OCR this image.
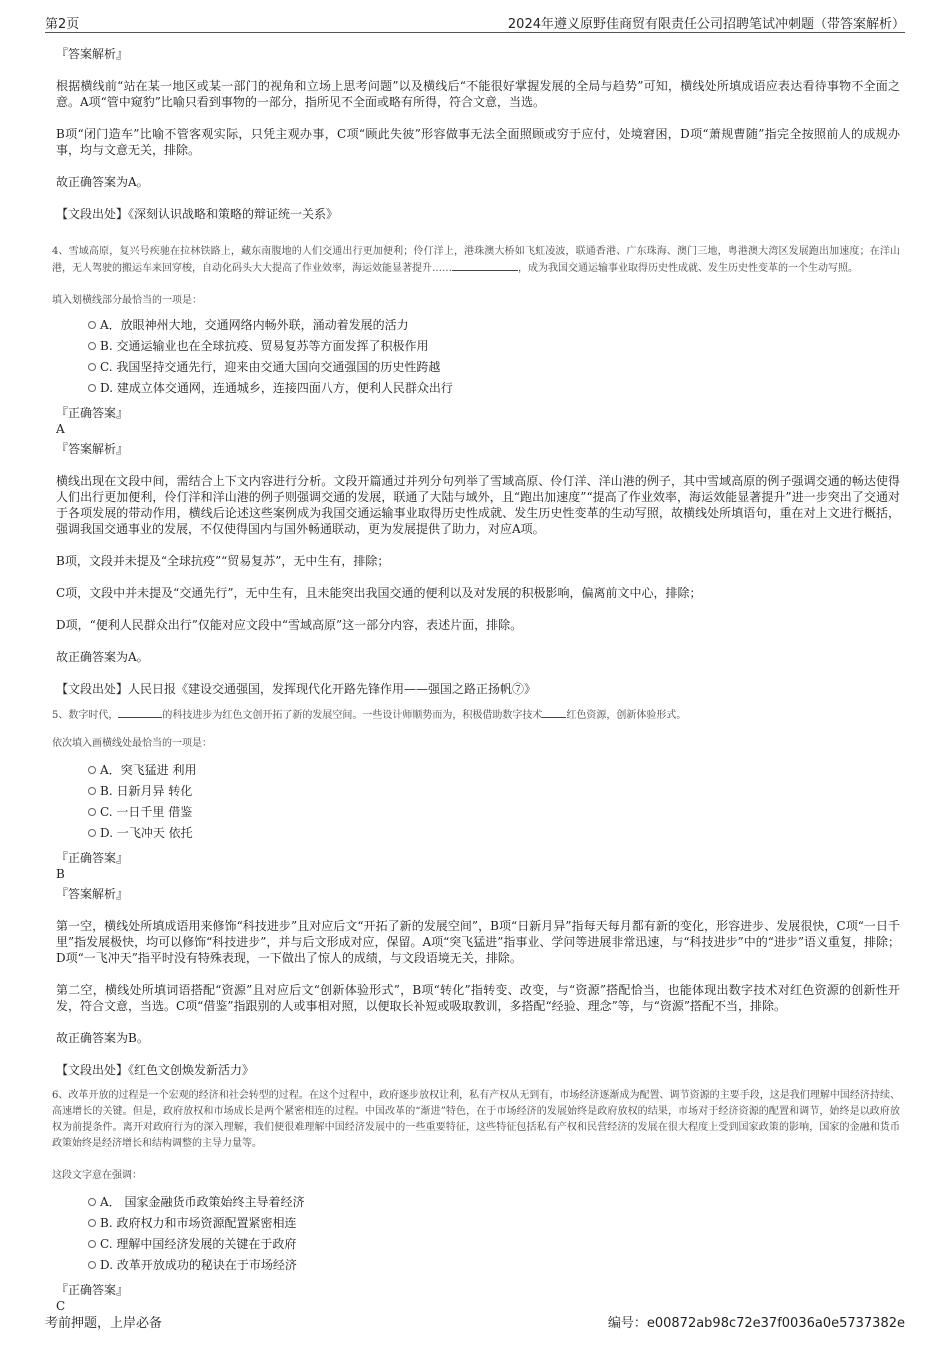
第2页	2024年遵义原野佳商贸有限责任公司招聘笔试冲刺题（带答案解析）
『答案解析』

根据横线前“站在某一地区或某一部门的视角和立场上思考问题”以及横线后“不能很好掌握发展的全局与趋势”可知，横线处所填成语应表达看待事物不全面之意。A项“管中窥豹”比喻只看到事物的一部分，指所见不全面或略有所得，符合文意，当选。

B项“闭门造车”比喻不管客观实际，只凭主观办事，C项“顾此失彼”形容做事无法全面照顾或穷于应付，处境窘困，D项“萧规曹随”指完全按照前人的成规办事，均与文意无关，排除。

故正确答案为A。

【文段出处】《深刻认识战略和策略的辩证统一关系》

4、雪域高原，复兴号疾驰在拉林铁路上，藏东南腹地的人们交通出行更加便利；伶仃洋上，港珠澳大桥如飞虹凌波，联通香港、广东珠海、澳门三地，粤港澳大湾区发展跑出加速度；在洋山港，无人驾驶的搬运车来回穿梭，自动化码头大大提高了作业效率，海运效能显著提升……	，成为我国交通运输事业取得历史性成就、发生历史性变革的一个生动写照。

填入划横线部分最恰当的一项是：

A．放眼神州大地，交通网络内畅外联，涌动着发展的活力
B. 交通运输业也在全球抗疫、贸易复苏等方面发挥了积极作用
C. 我国坚持交通先行，迎来由交通大国向交通强国的历史性跨越
D. 建成立体交通网，连通城乡，连接四面八方，便利人民群众出行
『正确答案』
A
『答案解析』

横线出现在文段中间，需结合上下文内容进行分析。文段开篇通过并列分句列举了雪域高原、伶仃洋、洋山港的例子，其中雪域高原的例子强调交通的畅达使得人们出行更加便利，伶仃洋和洋山港的例子则强调交通的发展，联通了大陆与域外，且“跑出加速度”“提高了作业效率，海运效能显著提升”进一步突出了交通对于各项发展的带动作用，横线后论述这些案例成为我国交通运输事业取得历史性成就、发生历史性变革的生动写照，故横线处所填语句，重在对上文进行概括，强调我国交通事业的发展，不仅使得国内与国外畅通联动，更为发展提供了助力，对应A项。

B项，文段并未提及“全球抗疫”“贸易复苏”，无中生有，排除；

C项，文段中并未提及“交通先行”，无中生有，且未能突出我国交通的便利以及对发展的积极影响，偏离前文中心，排除；

D项，“便利人民群众出行”仅能对应文段中“雪域高原”这一部分内容，表述片面，排除。

故正确答案为A。

【文段出处】人民日报《建设交通强国，发挥现代化开路先锋作用——强国之路正扬帆⑦》

5、数字时代，	的科技进步为红色文创开拓了新的发展空间。一些设计师顺势而为，积极借助数字技术 红色资源，创新体验形式。

依次填入画横线处最恰当的一项是：

A．突飞猛进 利用
B. 日新月异 转化
C. 一日千里 借鉴
D. 一飞冲天 依托
『正确答案』
B
『答案解析』

第一空，横线处所填成语用来修饰“科技进步”且对应后文“开拓了新的发展空间”，B项“日新月异”指每天每月都有新的变化，形容进步、发展很快，C项“一日千里”指发展极快，均可以修饰“科技进步”，并与后文形成对应，保留。A项“突飞猛进”指事业、学问等进展非常迅速，与“科技进步”中的“进步”语义重复，排除；D项“一飞冲天”指平时没有特殊表现，一下做出了惊人的成绩，与文段语境无关，排除。

第二空，横线处所填词语搭配“资源”且对应后文“创新体验形式”，B项“转化”指转变、改变，与“资源”搭配恰当，也能体现出数字技术对红色资源的创新性开发，符合文意，当选。C项“借鉴”指跟别的人或事相对照，以便取长补短或吸取教训，多搭配“经验、理念”等，与“资源”搭配不当，排除。

故正确答案为B。

【文段出处】《红色文创焕发新活力》

6、改革开放的过程是一个宏观的经济和社会转型的过程。在这个过程中，政府逐步放权让利，私有产权从无到有，市场经济逐渐成为配置、调节资源的主要手段，这是我们理解中国经济持续、高速增长的关键。但是，政府放权和市场成长是两个紧密相连的过程。中国改革的“渐进”特色，在于市场经济的发展始终是政府放权的结果，市场对于经济资源的配置和调节，始终是以政府放权为前提条件。离开对政府行为的深入理解，我们便很难理解中国经济发展中的一些重要特征，这些特征包括私有产权和民营经济的发展在很大程度上受到国家政策的影响，国家的金融和货币政策始终是经济增长和结构调整的主导力量等。

这段文字意在强调：

A． 国家金融货币政策始终主导着经济
B. 政府权力和市场资源配置紧密相连
C. 理解中国经济发展的关键在于政府
D. 改革开放成功的秘诀在于市场经济
『正确答案』
C
考前押题，上岸必备	编号：e00872ab98c72e37f0036a0e5737382e
